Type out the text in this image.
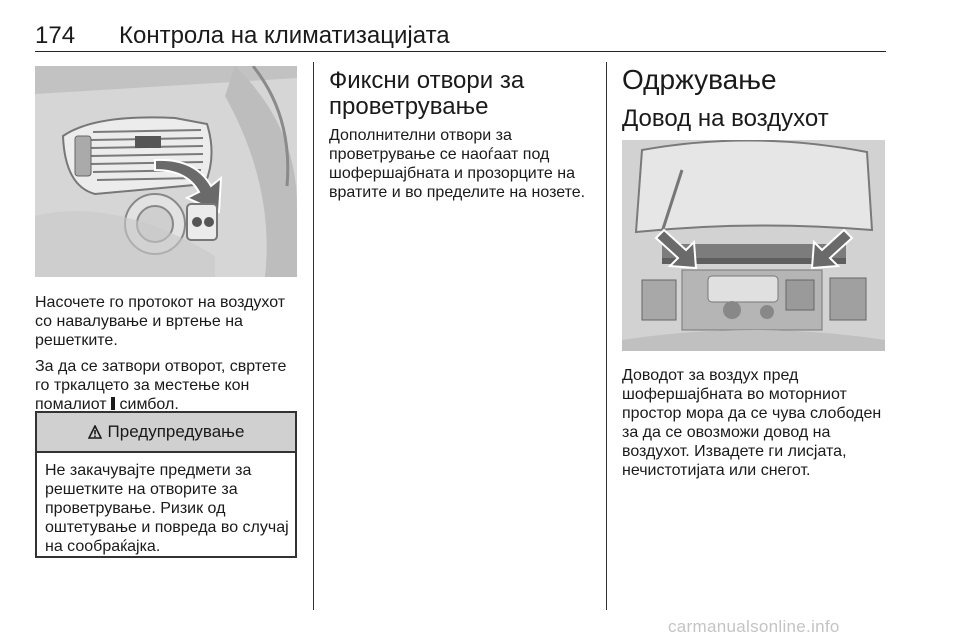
174 Контрола на климатизацијата

Насочете го протокот на воздухот со навалување и вртење на решетките.

За да се затвори отворот, свртете го тркалцето за местење кон помалиот  симбол.

Предупредување
Не закачувајте предмети за решетките на отворите за проветрување. Ризик од оштетување и повреда во случај на сообраќајка.
Фиксни отвори за проветрување

Дополнителни отвори за проветрување се наоѓаат под шофершајбната и прозорците на вратите и во пределите на нозете.

Одржување
Довод на воздухот
Доводот за воздух пред шофершајбната во моторниот простор мора да се чува слободен за да се овозможи довод на воздухот. Извадете ги лисјата, нечистотијата или снегот.
carmanualsonline.info
